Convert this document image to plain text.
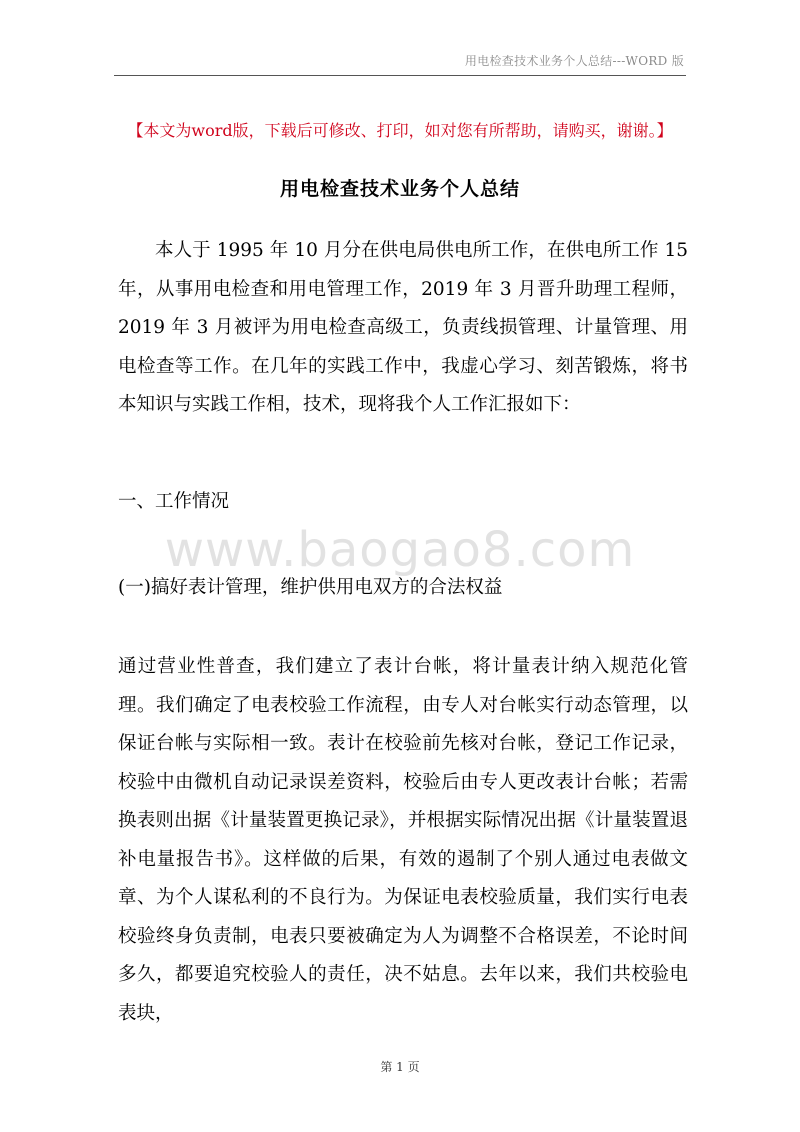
用电检查技术业务个人总结---WORD 版
【本文为word版，下载后可修改、打印，如对您有所帮助，请购买，谢谢。】
用电检查技术业务个人总结
本人于 1995 年 10 月分在供电局供电所工作，在供电所工作 15 年，从事用电检查和用电管理工作，2019 年 3 月晋升助理工程师，2019 年 3 月被评为用电检查高级工，负责线损管理、计量管理、用电检查等工作。在几年的实践工作中，我虚心学习、刻苦锻炼，将书本知识与实践工作相，技术，现将我个人工作汇报如下：
一、工作情况
www.baogao8.com
(一)搞好表计管理，维护供用电双方的合法权益
通过营业性普查，我们建立了表计台帐，将计量表计纳入规范化管理。我们确定了电表校验工作流程，由专人对台帐实行动态管理，以保证台帐与实际相一致。表计在校验前先核对台帐，登记工作记录，校验中由微机自动记录误差资料，校验后由专人更改表计台帐；若需换表则出据《计量装置更换记录》，并根据实际情况出据《计量装置退补电量报告书》。这样做的后果，有效的遏制了个别人通过电表做文章、为个人谋私利的不良行为。为保证电表校验质量，我们实行电表校验终身负责制，电表只要被确定为人为调整不合格误差，不论时间多久，都要追究校验人的责任，决不姑息。去年以来，我们共校验电表块，
第 1 页
